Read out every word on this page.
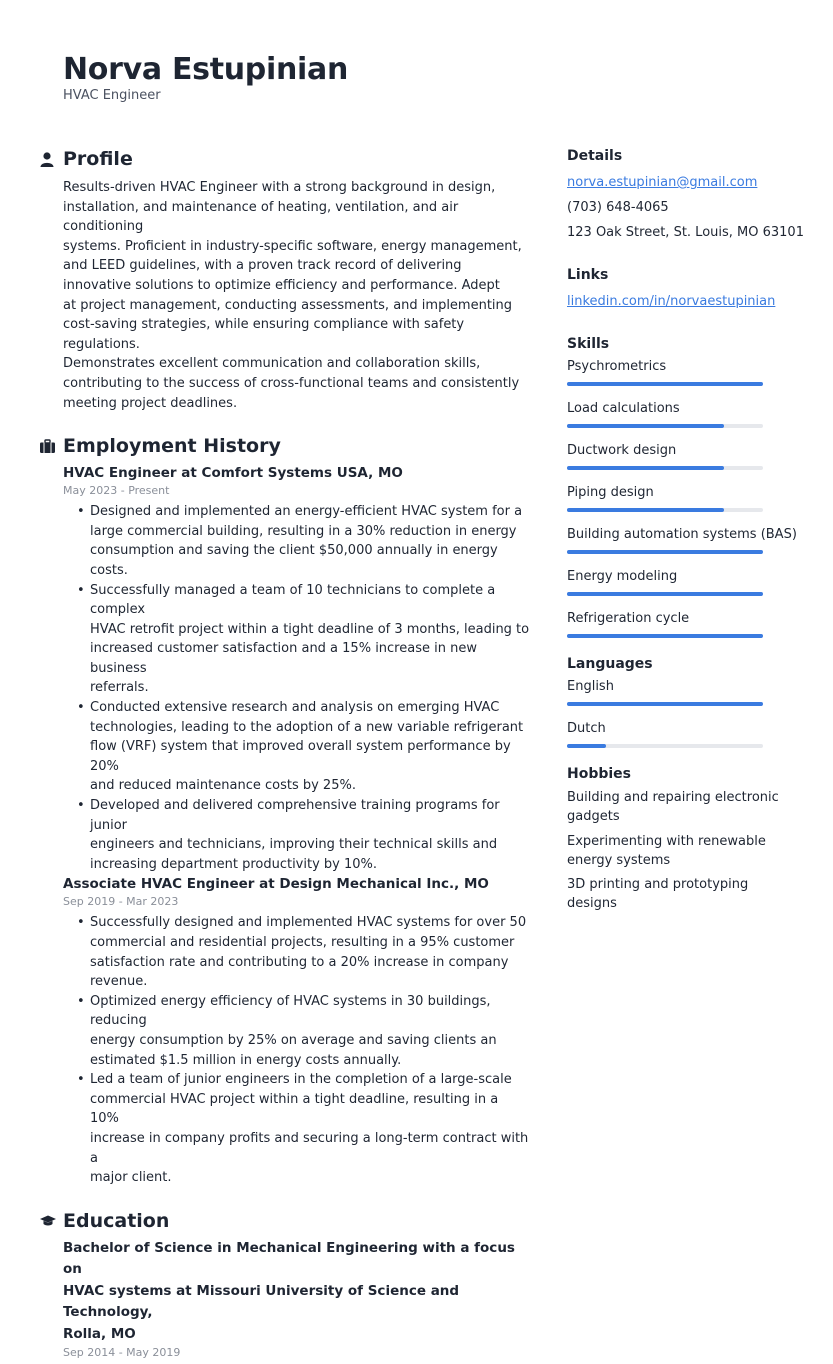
Norva Estupinian
HVAC Engineer
Profile
Results-driven HVAC Engineer with a strong background in design,
installation, and maintenance of heating, ventilation, and air conditioning
systems. Proficient in industry-specific software, energy management,
and LEED guidelines, with a proven track record of delivering
innovative solutions to optimize efficiency and performance. Adept
at project management, conducting assessments, and implementing
cost-saving strategies, while ensuring compliance with safety regulations.
Demonstrates excellent communication and collaboration skills,
contributing to the success of cross-functional teams and consistently
meeting project deadlines.
Employment History
HVAC Engineer at Comfort Systems USA, MO
May 2023 - Present
• Designed and implemented an energy-efficient HVAC system for a
large commercial building, resulting in a 30% reduction in energy
consumption and saving the client $50,000 annually in energy costs.
• Successfully managed a team of 10 technicians to complete a complex
HVAC retrofit project within a tight deadline of 3 months, leading to
increased customer satisfaction and a 15% increase in new business
referrals.
• Conducted extensive research and analysis on emerging HVAC
technologies, leading to the adoption of a new variable refrigerant
flow (VRF) system that improved overall system performance by 20%
and reduced maintenance costs by 25%.
• Developed and delivered comprehensive training programs for junior
engineers and technicians, improving their technical skills and
increasing department productivity by 10%.
Associate HVAC Engineer at Design Mechanical Inc., MO
Sep 2019 - Mar 2023
• Successfully designed and implemented HVAC systems for over 50
commercial and residential projects, resulting in a 95% customer
satisfaction rate and contributing to a 20% increase in company
revenue.
• Optimized energy efficiency of HVAC systems in 30 buildings, reducing
energy consumption by 25% on average and saving clients an
estimated $1.5 million in energy costs annually.
• Led a team of junior engineers in the completion of a large-scale
commercial HVAC project within a tight deadline, resulting in a 10%
increase in company profits and securing a long-term contract with a
major client.
Education
Bachelor of Science in Mechanical Engineering with a focus on
HVAC systems at Missouri University of Science and Technology,
Rolla, MO
Sep 2014 - May 2019
Details
norva.estupinian@gmail.com
(703) 648-4065
123 Oak Street, St. Louis, MO 63101
Links
linkedin.com/in/norvaestupinian
Skills
Psychrometrics
Load calculations
Ductwork design
Piping design
Building automation systems (BAS)
Energy modeling
Refrigeration cycle
Languages
English
Dutch
Hobbies
Building and repairing electronic
gadgets
Experimenting with renewable
energy systems
3D printing and prototyping
designs
